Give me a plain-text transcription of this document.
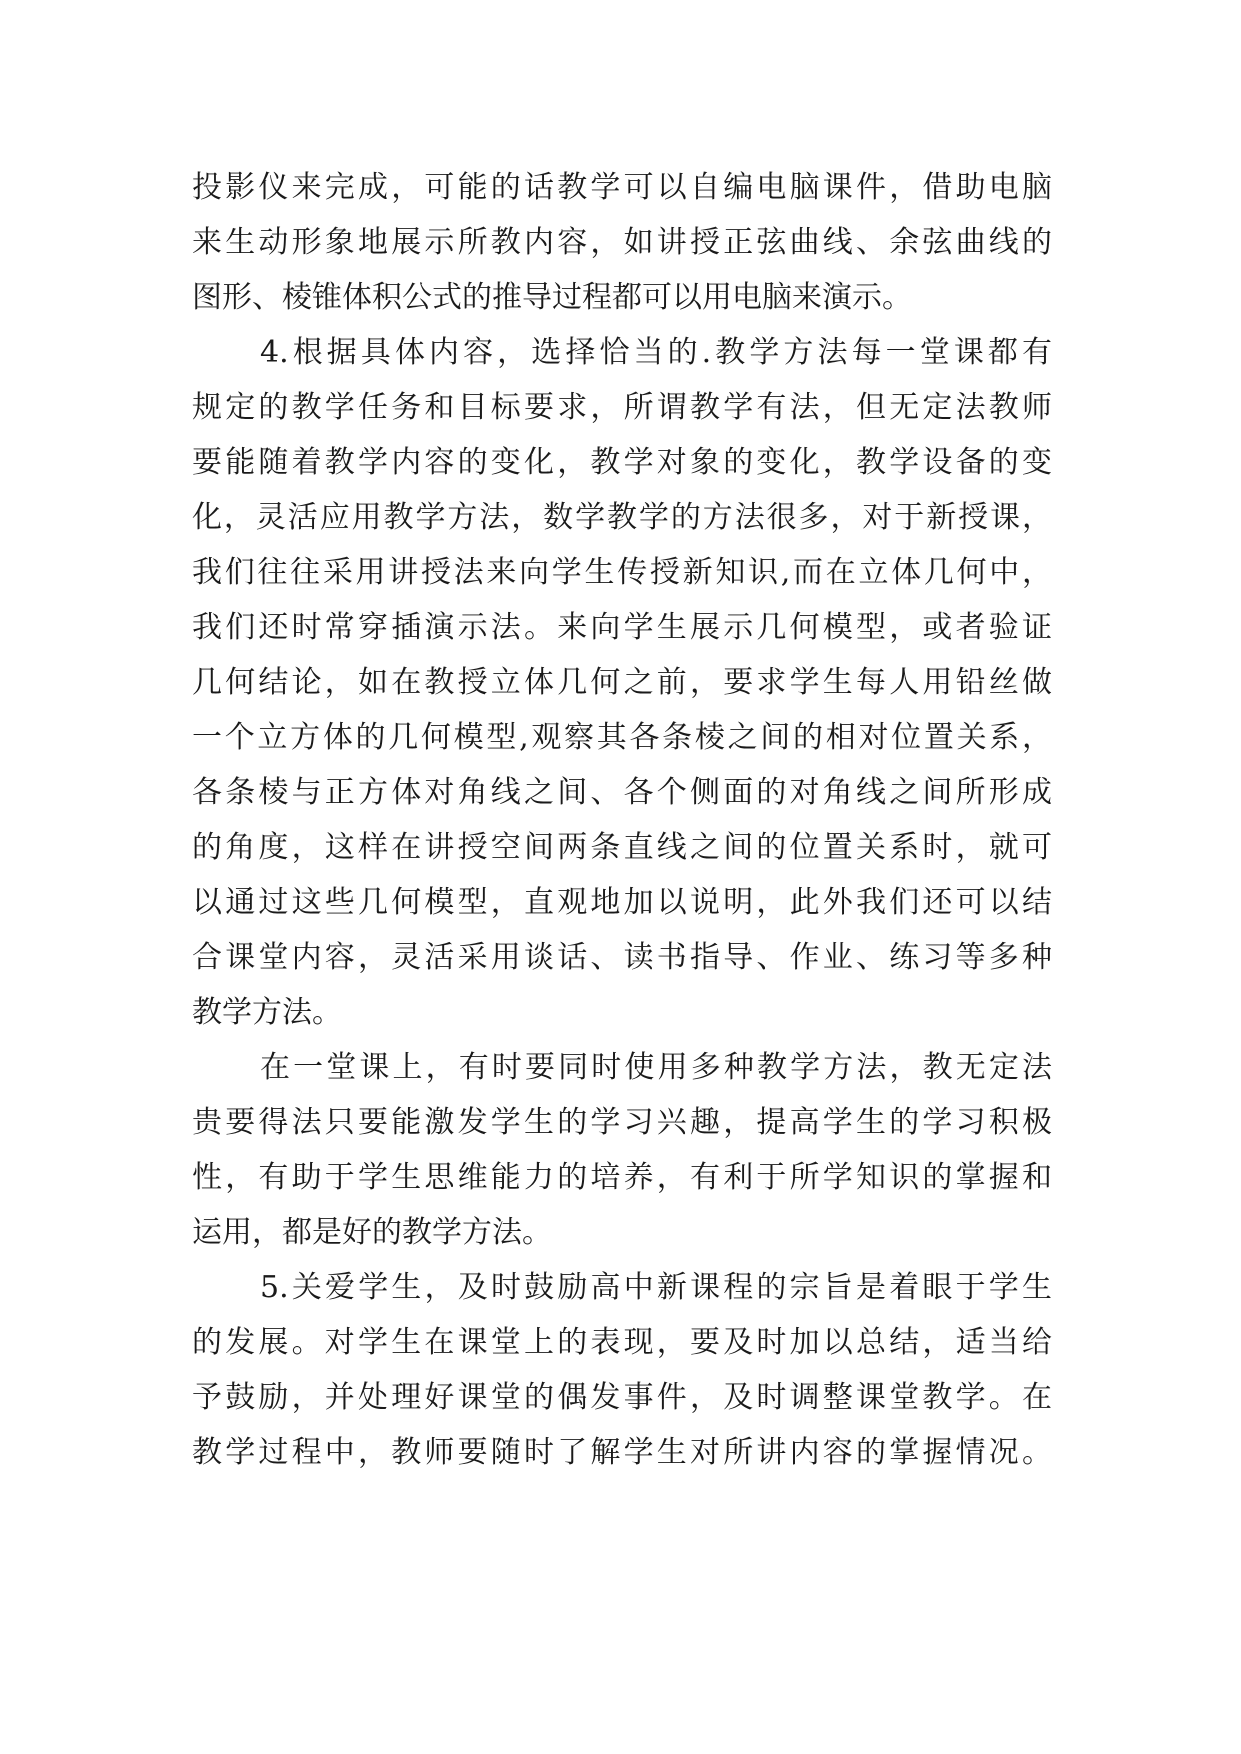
投影仪来完成，可能的话教学可以自编电脑课件，借助电脑
来生动形象地展示所教内容，如讲授正弦曲线、余弦曲线的
图形、棱锥体积公式的推导过程都可以用电脑来演示。
4.根据具体内容，选择恰当的.教学方法每一堂课都有
规定的教学任务和目标要求，所谓教学有法，但无定法教师
要能随着教学内容的变化，教学对象的变化，教学设备的变
化，灵活应用教学方法，数学教学的方法很多，对于新授课，
我们往往采用讲授法来向学生传授新知识,而在立体几何中，
我们还时常穿插演示法。来向学生展示几何模型，或者验证
几何结论，如在教授立体几何之前，要求学生每人用铅丝做
一个立方体的几何模型,观察其各条棱之间的相对位置关系，
各条棱与正方体对角线之间、各个侧面的对角线之间所形成
的角度，这样在讲授空间两条直线之间的位置关系时，就可
以通过这些几何模型，直观地加以说明，此外我们还可以结
合课堂内容，灵活采用谈话、读书指导、作业、练习等多种
教学方法。
在一堂课上，有时要同时使用多种教学方法，教无定法
贵要得法只要能激发学生的学习兴趣，提高学生的学习积极
性，有助于学生思维能力的培养，有利于所学知识的掌握和
运用，都是好的教学方法。
5.关爱学生，及时鼓励高中新课程的宗旨是着眼于学生
的发展。对学生在课堂上的表现，要及时加以总结，适当给
予鼓励，并处理好课堂的偶发事件，及时调整课堂教学。在
教学过程中，教师要随时了解学生对所讲内容的掌握情况。
